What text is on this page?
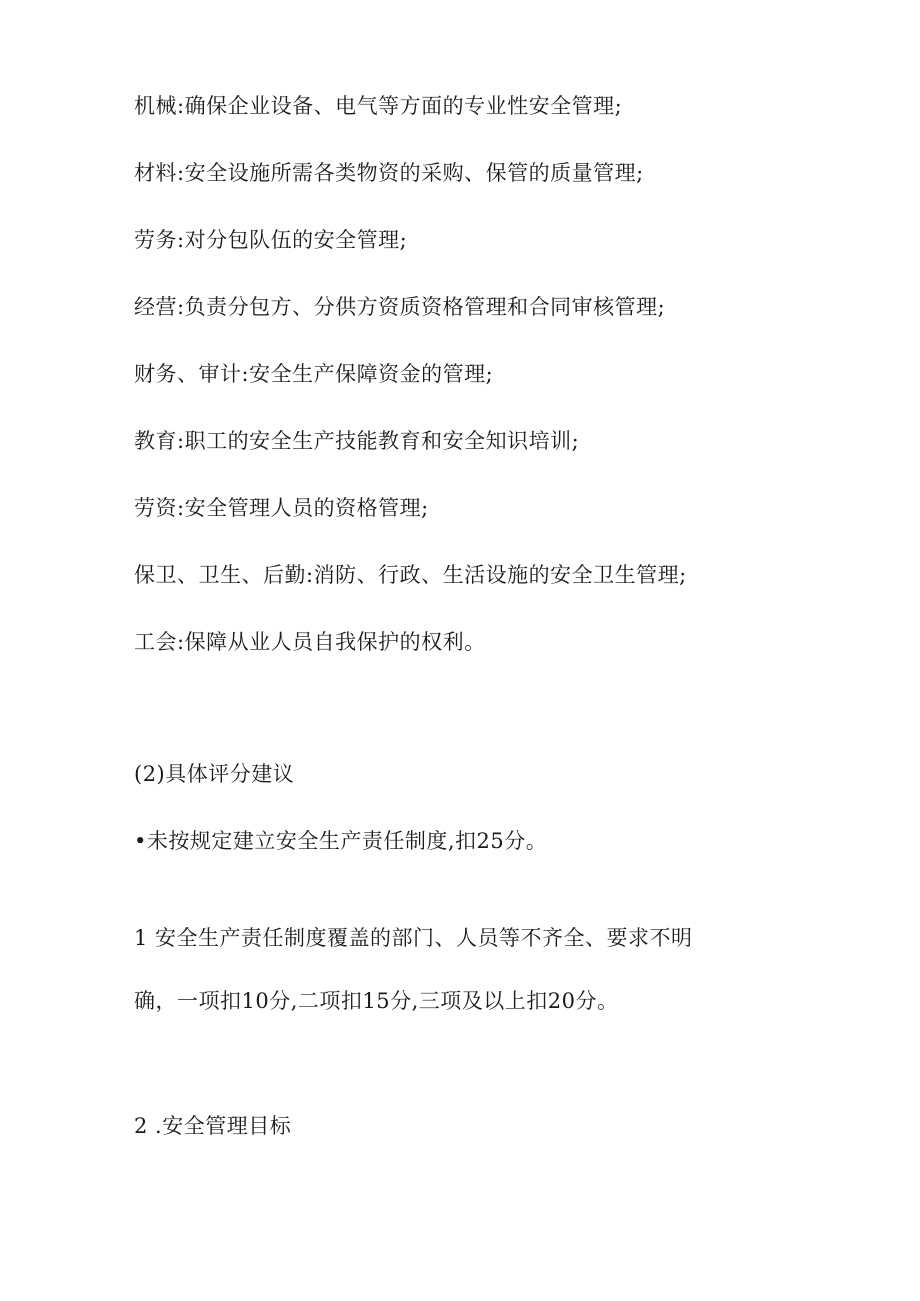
机械:确保企业设备、电气等方面的专业性安全管理;
材料:安全设施所需各类物资的采购、保管的质量管理;
劳务:对分包队伍的安全管理;
经营:负责分包方、分供方资质资格管理和合同审核管理;
财务、审计:安全生产保障资金的管理;
教育:职工的安全生产技能教育和安全知识培训;
劳资:安全管理人员的资格管理;
保卫、卫生、后勤:消防、行政、生活设施的安全卫生管理;
工会:保障从业人员自我保护的权利。
(2)具体评分建议
•未按规定建立安全生产责任制度,扣25分。
1 安全生产责任制度覆盖的部门、人员等不齐全、要求不明
确，一项扣10分,二项扣15分,三项及以上扣20分。
2 .安全管理目标
